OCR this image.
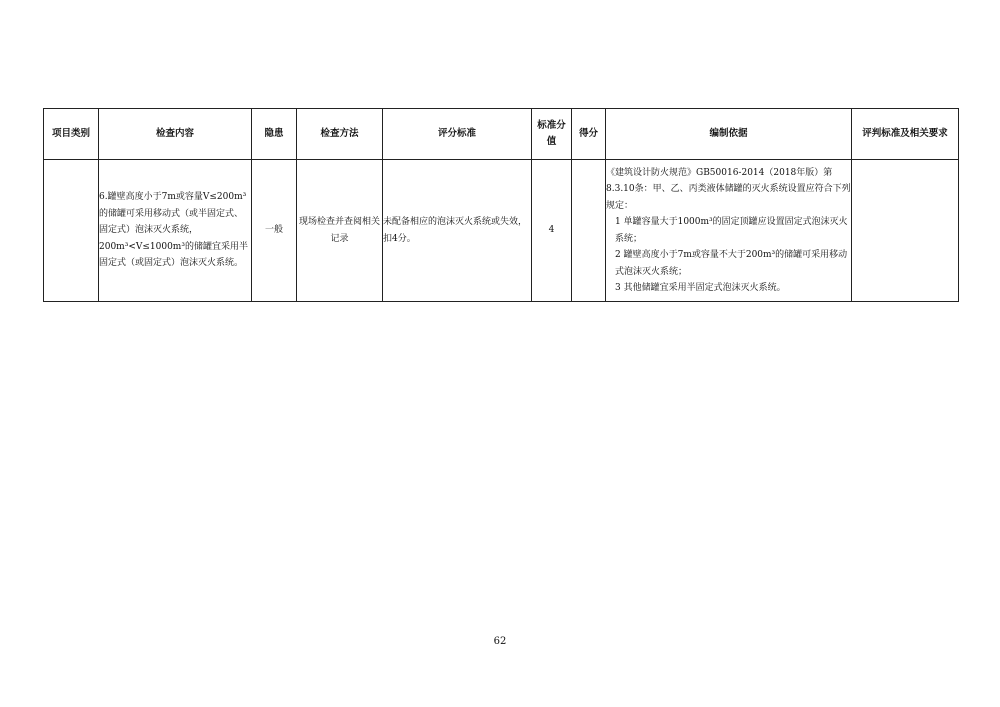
项目类别	检查内容	隐患	检查方法	评分标准	标准分值	得分	编制依据	评判标准及相关要求
	6.罐壁高度小于7m或容量V≤200m³的储罐可采用移动式（或半固定式、固定式）泡沫灭火系统，200m³<V≤1000m³的储罐宜采用半固定式（或固定式）泡沫灭火系统。	一般	现场检查并查阅相关记录	未配备相应的泡沫灭火系统或失效，扣4分。	4		《建筑设计防火规范》GB50016-2014（2018年版）第8.3.10条：甲、乙、丙类液体储罐的灭火系统设置应符合下列规定：
1 单罐容量大于1000m³的固定顶罐应设置固定式泡沫灭火系统；
2 罐壁高度小于7m或容量不大于200m³的储罐可采用移动式泡沫灭火系统；
3 其他储罐宜采用半固定式泡沫灭火系统。	

62
